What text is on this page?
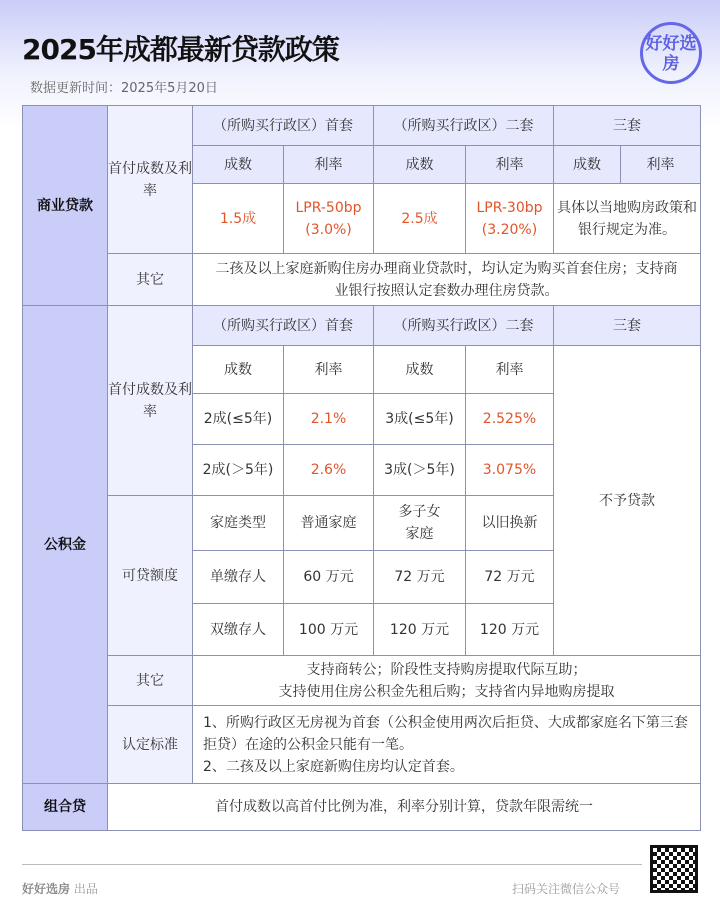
2025年成都最新贷款政策
数据更新时间：2025年5月20日
好好选房
商业贷款	首付成数及利率	（所购买行政区）首套		（所购买行政区）二套		三套	
		成数	利率	成数	利率	成数	利率
		1.5成	LPR-50bp (3.0%)	2.5成	LPR-30bp (3.20%)	具体以当地购房政策和银行规定为准。	
	其它	二孩及以上家庭新购住房办理商业贷款时，均认定为购买首套住房；支持商业银行按照认定套数办理住房贷款。					
公积金	首付成数及利率	（所购买行政区）首套		（所购买行政区）二套		三套	
		成数	利率	成数	利率	不予贷款	
		2成(≤5年)	2.1%	3成(≤5年)	2.525%		
		2成(＞5年)	2.6%	3成(＞5年)	3.075%		
	可贷额度	家庭类型	普通家庭	多子女家庭	以旧换新		
		单缴存人	60 万元	72 万元	72 万元		
		双缴存人	100 万元	120 万元	120 万元		
	其它	支持商转公；阶段性支持购房提取代际互助；
支持使用住房公积金先租后购；支持省内异地购房提取					

	认定标准	1、所购行政区无房视为首套（公积金使用两次后拒贷、大成都家庭名下第三套拒贷）在途的公积金只能有一笔。
2、二孩及以上家庭新购住房均认定首套。					

组合贷	首付成数以高首付比例为准，利率分别计算，贷款年限需统一						
好好选房 出品	扫码关注微信公众号
